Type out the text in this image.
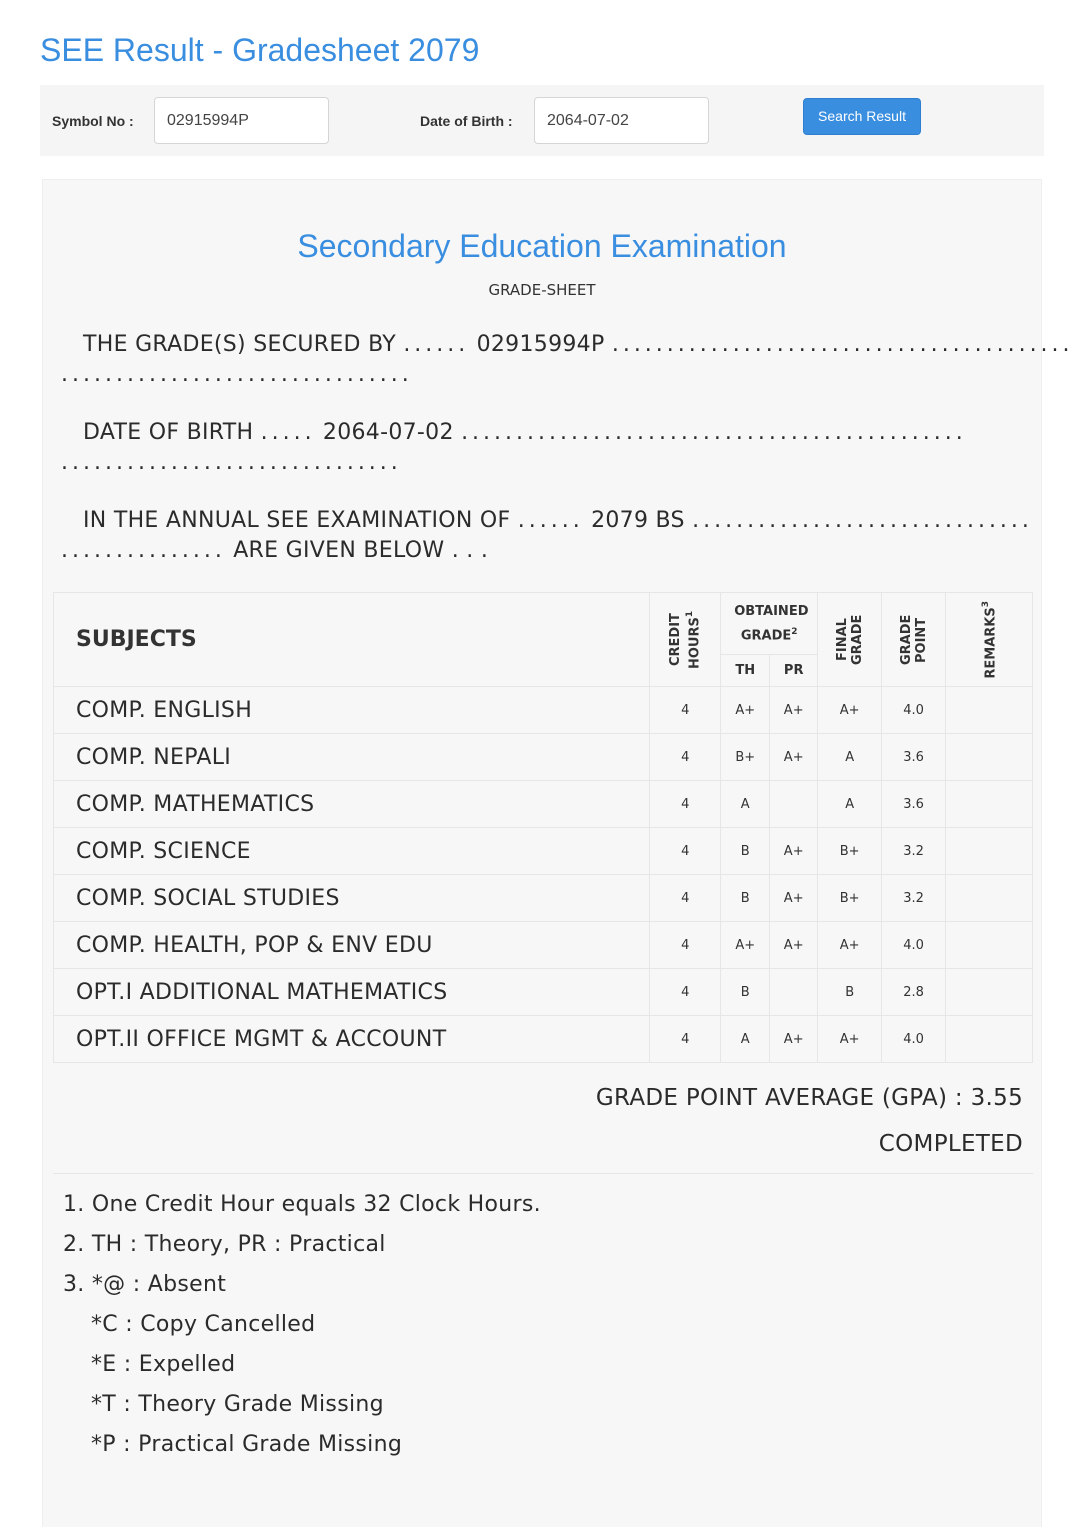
SEE Result - Gradesheet 2079
Symbol No :	02915994P	Date of Birth :	2064-07-02	Search Result
Secondary Education Examination
GRADE-SHEET
THE GRADE(S) SECURED BY ...... 02915994P ..........................................
................................
DATE OF BIRTH ..... 2064-07-02 ..............................................
...............................
IN THE ANNUAL SEE EXAMINATION OF ...... 2079 BS ...............................
............... ARE GIVEN BELOW . . .
SUBJECTS	CREDIT HOURS$^1$	OBTAINED GRADE$^2$		FINAL GRADE	GRADE POINT	REMARKS$^3$

		TH	PR			
COMP. ENGLISH	4	A+	A+	A+	4.0	
COMP. NEPALI	4	B+	A+	A	3.6	
COMP. MATHEMATICS	4	A		A	3.6	
COMP. SCIENCE	4	B	A+	B+	3.2	
COMP. SOCIAL STUDIES	4	B	A+	B+	3.2	
COMP. HEALTH, POP & ENV EDU	4	A+	A+	A+	4.0	
OPT.I ADDITIONAL MATHEMATICS	4	B		B	2.8	
OPT.II OFFICE MGMT & ACCOUNT	4	A	A+	A+	4.0	
GRADE POINT AVERAGE (GPA) : 3.55
COMPLETED
1. One Credit Hour equals 32 Clock Hours.
2. TH : Theory, PR : Practical
3. *@ : Absent
*C : Copy Cancelled
*E : Expelled
*T : Theory Grade Missing
*P : Practical Grade Missing
